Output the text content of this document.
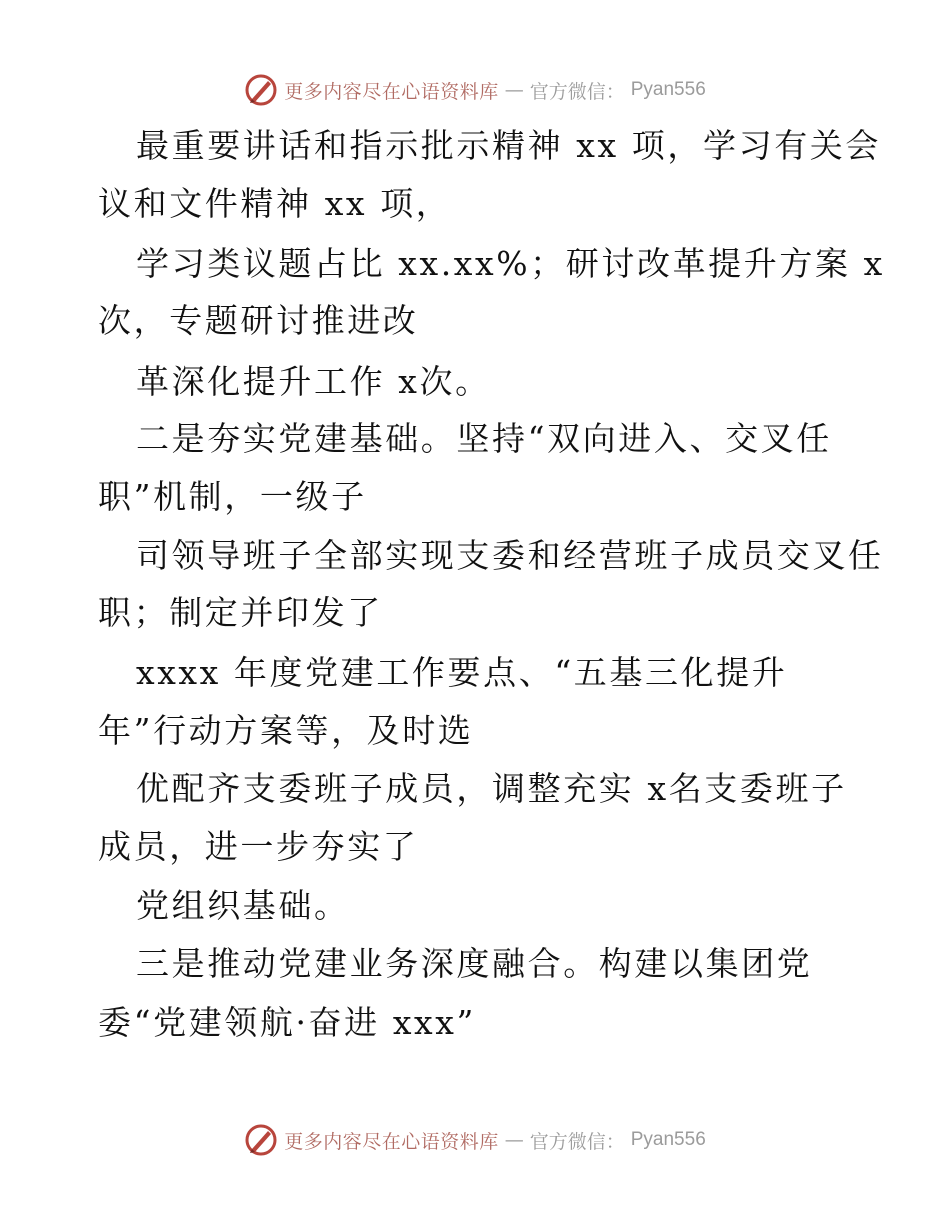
更多内容尽在心语资料库 — 官方微信： Pyan556
最重要讲话和指示批示精神 xx 项，学习有关会
议和文件精神 xx 项，
学习类议题占比 xx.xx%；研讨改革提升方案 x
次，专题研讨推进改
革深化提升工作 x次。
二是夯实党建基础。坚持“双向进入、交叉任
职”机制，一级子
司领导班子全部实现支委和经营班子成员交叉任
职；制定并印发了
xxxx 年度党建工作要点、“五基三化提升
年”行动方案等，及时选
优配齐支委班子成员，调整充实 x名支委班子
成员，进一步夯实了
党组织基础。
三是推动党建业务深度融合。构建以集团党
委“党建领航·奋进 xxx”
更多内容尽在心语资料库 — 官方微信： Pyan556
